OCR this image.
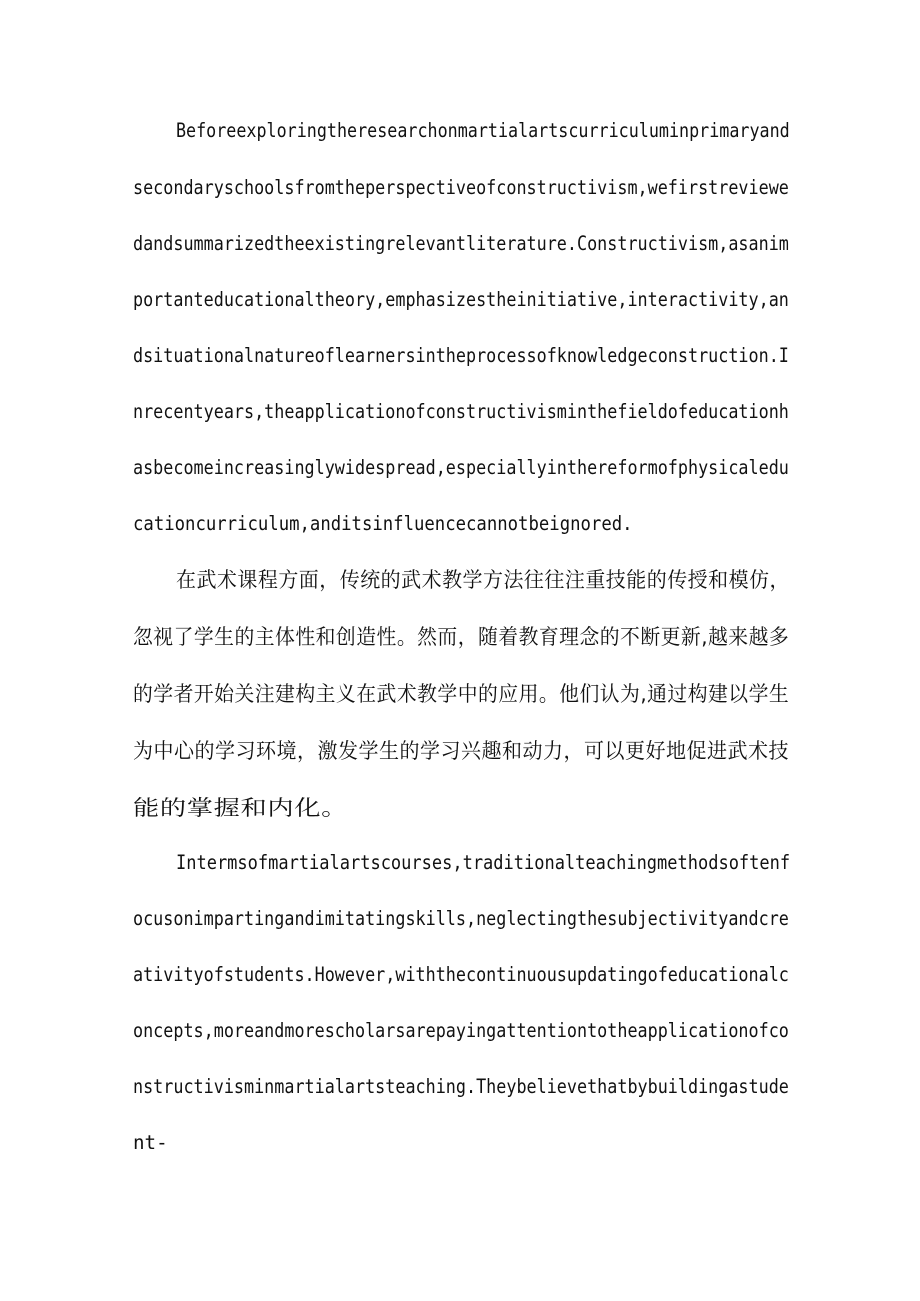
Beforeexploringtheresearchonmartialartscurriculuminprimaryand
secondaryschoolsfromtheperspectiveofconstructivism,wefirstreviewe
dandsummarizedtheexistingrelevantliterature.Constructivism,asanim
portanteducationaltheory,emphasizestheinitiative,interactivity,an
dsituationalnatureoflearnersintheprocessofknowledgeconstruction.I
nrecentyears,theapplicationofconstructivisminthefieldofeducationh
asbecomeincreasinglywidespread,especiallyinthereformofphysicaledu
cationcurriculum,anditsinfluencecannotbeignored.
在武术课程方面，传统的武术教学方法往往注重技能的传授和模仿，
忽视了学生的主体性和创造性。然而，随着教育理念的不断更新,越来越多
的学者开始关注建构主义在武术教学中的应用。他们认为,通过构建以学生
为中心的学习环境，激发学生的学习兴趣和动力，可以更好地促进武术技
能的掌握和内化。
Intermsofmartialartscourses,traditionalteachingmethodsoftenf
ocusonimpartingandimitatingskills,neglectingthesubjectivityandcre
ativityofstudents.However,withthecontinuousupdatingofeducationalc
oncepts,moreandmorescholarsarepayingattentiontotheapplicationofco
nstructivisminmartialartsteaching.Theybelievethatbybuildingastude
nt-
